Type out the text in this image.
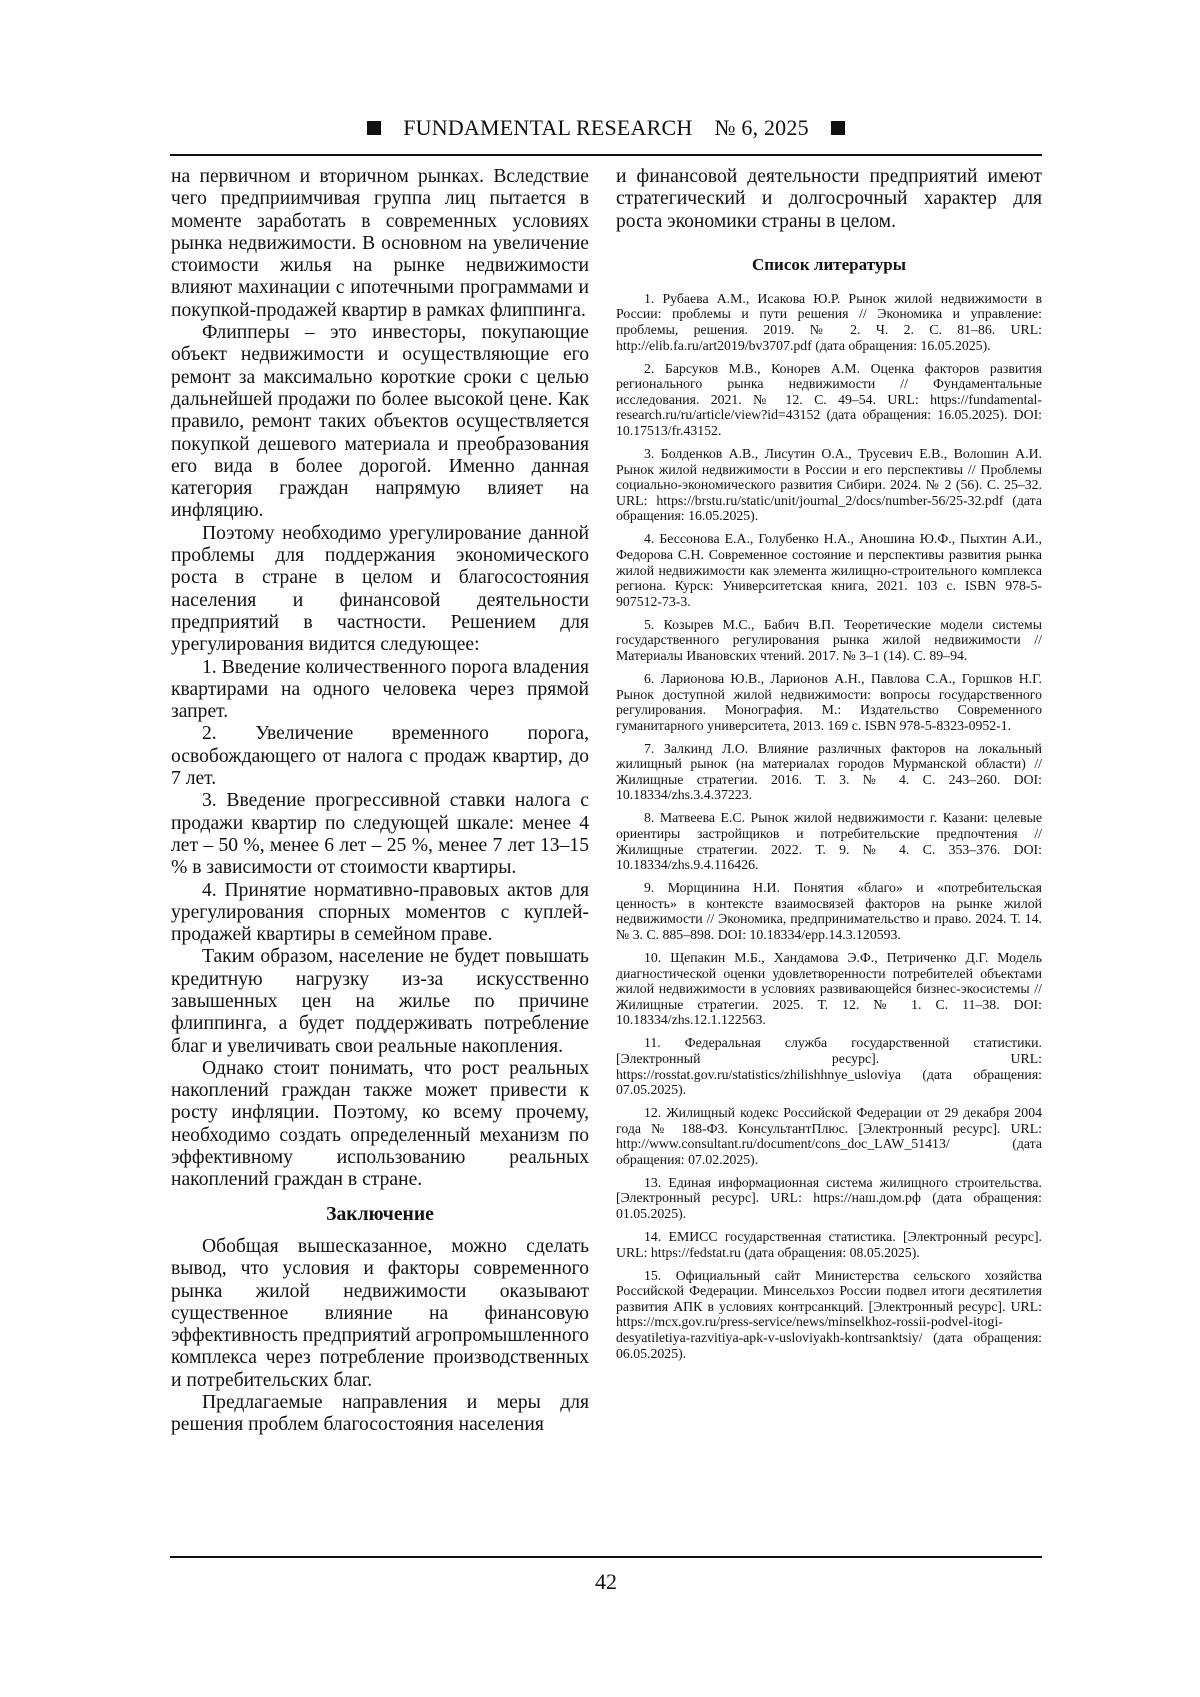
FUNDAMENTAL RESEARCH № 6, 2025

на первичном и вторичном рынках. Вследствие чего предприимчивая группа лиц пытается в моменте заработать в современных условиях рынка недвижимости. В основном на увеличение стоимости жилья на рынке недвижимости влияют махинации с ипотечными программами и покупкой-продажей квартир в рамках флиппинга.

Флипперы – это инвесторы, покупающие объект недвижимости и осуществляющие его ремонт за максимально короткие сроки с целью дальнейшей продажи по более высокой цене. Как правило, ремонт таких объектов осуществляется покупкой дешевого материала и преобразования его вида в более дорогой. Именно данная категория граждан напрямую влияет на инфляцию.

Поэтому необходимо урегулирование данной проблемы для поддержания экономического роста в стране в целом и благосостояния населения и финансовой деятельности предприятий в частности. Решением для урегулирования видится следующее:

1. Введение количественного порога владения квартирами на одного человека через прямой запрет.

2. Увеличение временного порога, освобождающего от налога с продаж квартир, до 7 лет.

3. Введение прогрессивной ставки налога с продажи квартир по следующей шкале: менее 4 лет – 50 %, менее 6 лет – 25 %, менее 7 лет 13–15 % в зависимости от стоимости квартиры.

4. Принятие нормативно-правовых актов для урегулирования спорных моментов с куплей-продажей квартиры в семейном праве.

Таким образом, население не будет повышать кредитную нагрузку из-за искусственно завышенных цен на жилье по причине флиппинга, а будет поддерживать потребление благ и увеличивать свои реальные накопления.

Однако стоит понимать, что рост реальных накоплений граждан также может привести к росту инфляции. Поэтому, ко всему прочему, необходимо создать определенный механизм по эффективному использованию реальных накоплений граждан в стране.

Заключение

Обобщая вышесказанное, можно сделать вывод, что условия и факторы современного рынка жилой недвижимости оказывают существенное влияние на финансовую эффективность предприятий агропромышленного комплекса через потребление производственных и потребительских благ.

Предлагаемые направления и меры для решения проблем благосостояния населения

и финансовой деятельности предприятий имеют стратегический и долгосрочный характер для роста экономики страны в целом.

Список литературы
1. Рубаева А.М., Исакова Ю.Р. Рынок жилой недвижимости в России: проблемы и пути решения // Экономика и управление: проблемы, решения. 2019. № 2. Ч. 2. С. 81–86. URL: http://elib.fa.ru/art2019/bv3707.pdf (дата обращения: 16.05.2025).
2. Барсуков М.В., Конорев А.М. Оценка факторов развития регионального рынка недвижимости // Фундаментальные исследования. 2021. № 12. С. 49–54. URL: https://fundamental-research.ru/ru/article/view?id=43152 (дата обращения: 16.05.2025). DOI: 10.17513/fr.43152.
3. Болденков А.В., Лисутин О.А., Трусевич Е.В., Волошин А.И. Рынок жилой недвижимости в России и его перспективы // Проблемы социально-экономического развития Сибири. 2024. № 2 (56). С. 25–32. URL: https://brstu.ru/static/unit/journal_2/docs/number-56/25-32.pdf (дата обращения: 16.05.2025).
4. Бессонова Е.А., Голубенко Н.А., Аношина Ю.Ф., Пыхтин А.И., Федорова С.Н. Современное состояние и перспективы развития рынка жилой недвижимости как элемента жилищно-строительного комплекса региона. Курск: Университетская книга, 2021. 103 с. ISBN 978-5-907512-73-3.
5. Козырев М.С., Бабич В.П. Теоретические модели системы государственного регулирования рынка жилой недвижимости // Материалы Ивановских чтений. 2017. № 3–1 (14). С. 89–94.
6. Ларионова Ю.В., Ларионов А.Н., Павлова С.А., Горшков Н.Г. Рынок доступной жилой недвижимости: вопросы государственного регулирования. Монография. М.: Издательство Современного гуманитарного университета, 2013. 169 с. ISBN 978-5-8323-0952-1.
7. Залкинд Л.О. Влияние различных факторов на локальный жилищный рынок (на материалах городов Мурманской области) // Жилищные стратегии. 2016. Т. 3. № 4. С. 243–260. DOI: 10.18334/zhs.3.4.37223.
8. Матвеева Е.С. Рынок жилой недвижимости г. Казани: целевые ориентиры застройщиков и потребительские предпочтения // Жилищные стратегии. 2022. Т. 9. № 4. С. 353–376. DOI: 10.18334/zhs.9.4.116426.
9. Морщинина Н.И. Понятия «благо» и «потребительская ценность» в контексте взаимосвязей факторов на рынке жилой недвижимости // Экономика, предпринимательство и право. 2024. Т. 14. № 3. С. 885–898. DOI: 10.18334/epp.14.3.120593.
10. Щепакин М.Б., Хандамова Э.Ф., Петриченко Д.Г. Модель диагностической оценки удовлетворенности потребителей объектами жилой недвижимости в условиях развивающейся бизнес-экосистемы // Жилищные стратегии. 2025. Т. 12. № 1. С. 11–38. DOI: 10.18334/zhs.12.1.122563.
11. Федеральная служба государственной статистики. [Электронный ресурс]. URL: https://rosstat.gov.ru/statistics/zhilishhnye_usloviya (дата обращения: 07.05.2025).
12. Жилищный кодекс Российской Федерации от 29 декабря 2004 года № 188-ФЗ. КонсультантПлюс. [Электронный ресурс]. URL: http://www.consultant.ru/document/cons_doc_LAW_51413/ (дата обращения: 07.02.2025).
13. Единая информационная система жилищного строительства. [Электронный ресурс]. URL: https://наш.дом.рф (дата обращения: 01.05.2025).
14. ЕМИСС государственная статистика. [Электронный ресурс]. URL: https://fedstat.ru (дата обращения: 08.05.2025).
15. Официальный сайт Министерства сельского хозяйства Российской Федерации. Минсельхоз России подвел итоги десятилетия развития АПК в условиях контрсанкций. [Электронный ресурс]. URL: https://mcx.gov.ru/press-service/news/minselkhoz-rossii-podvel-itogi-desyatiletiya-razvitiya-apk-v-usloviyakh-kontrsanktsiy/ (дата обращения: 06.05.2025).
42
